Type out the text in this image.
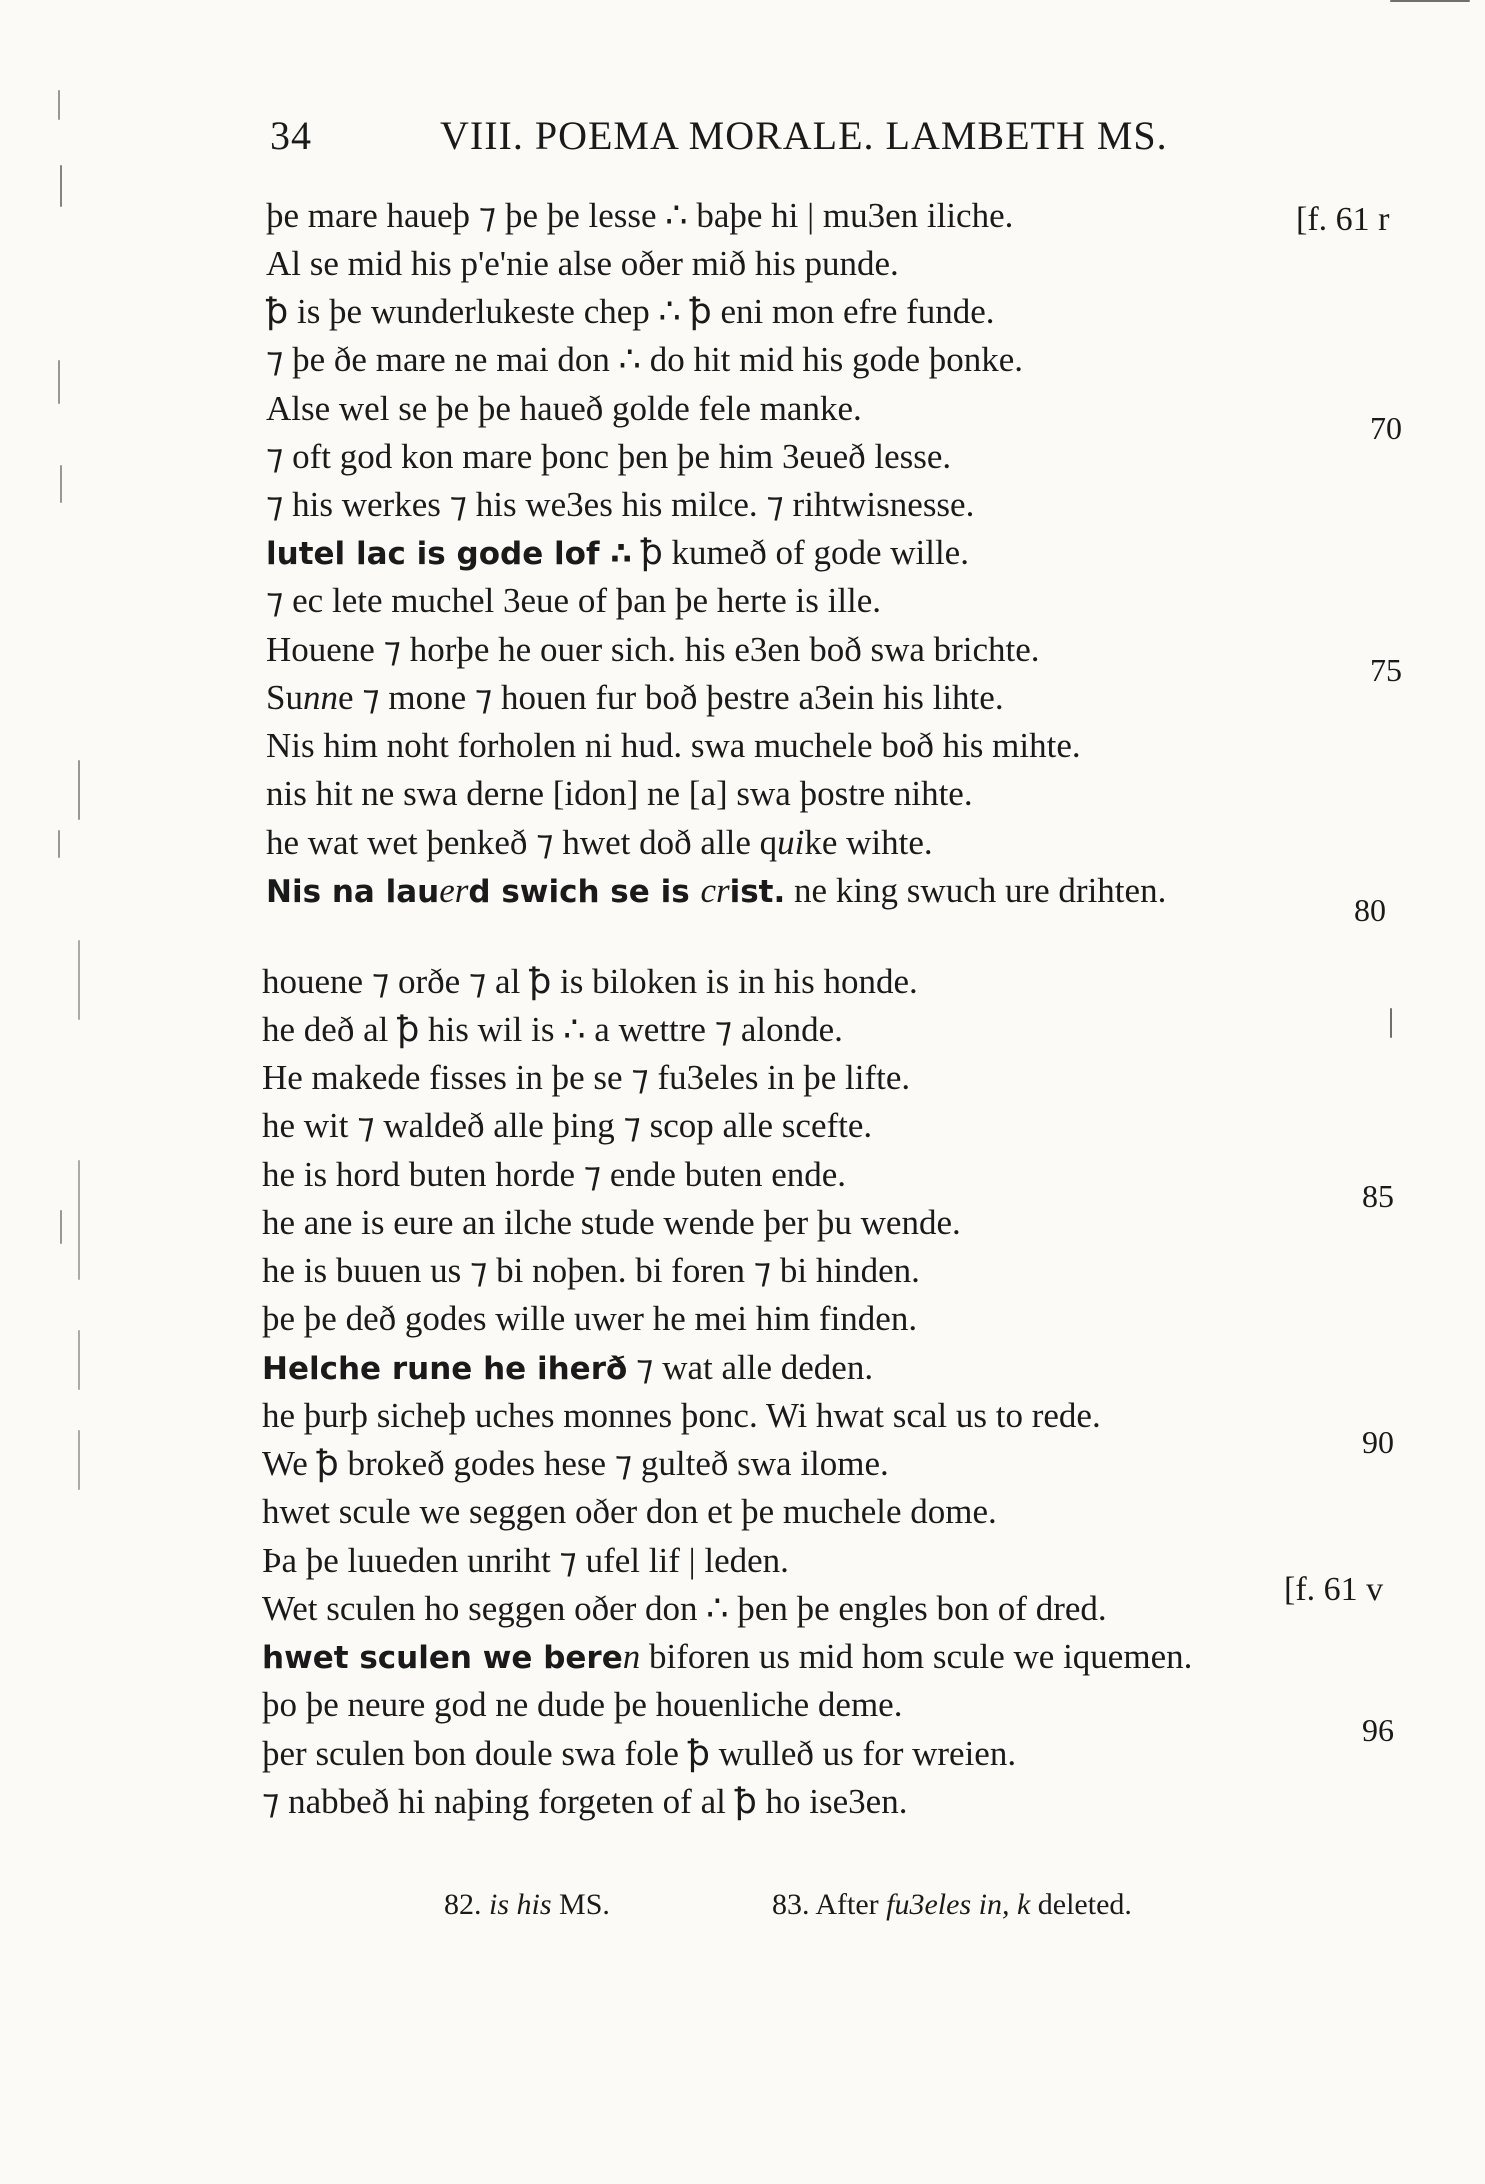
34	VIII. POEMA MORALE. LAMBETH MS.
þe mare haueþ ⁊ þe þe lesse ∴ baþe hi | mu3en iliche.
Al se mid his p'e'nie alse oðer mið his punde.
ꝥ is þe wunderlukeste chep ∴ ꝥ eni mon efre funde.
⁊ þe ðe mare ne mai don ∴ do hit mid his gode þonke.
Alse wel se þe þe haueð golde fele manke.
⁊ oft god kon mare þonc þen þe him 3eueð lesse.
⁊ his werkes ⁊ his we3es his milce. ⁊ rihtwisnesse.
lutel lac is gode lof ∴ ꝥ kumeð of gode wille.
⁊ ec lete muchel 3eue of þan þe herte is ille.
Houene ⁊ horþe he ouer sich. his e3en boð swa brichte.
Sunne ⁊ mone ⁊ houen fur boð þestre a3ein his lihte.
Nis him noht forholen ni hud. swa muchele boð his mihte.
nis hit ne swa derne [idon] ne [a] swa þostre nihte.
he wat wet þenkeð ⁊ hwet doð alle quike wihte.
Nis na lauerd swich se is crist. ne king swuch ure drihten.
houene ⁊ orðe ⁊ al ꝥ is biloken is in his honde.
he deð al ꝥ his wil is ∴ a wettre ⁊ alonde.
He makede fisses in þe se ⁊ fu3eles in þe lifte.
he wit ⁊ waldeð alle þing ⁊ scop alle scefte.
he is hord buten horde ⁊ ende buten ende.
he ane is eure an ilche stude wende þer þu wende.
he is buuen us ⁊ bi noþen. bi foren ⁊ bi hinden.
þe þe deð godes wille uwer he mei him finden.
Helche rune he iherð ⁊ wat alle deden.
he þurþ sicheþ uches monnes þonc. Wi hwat scal us to rede.
We ꝥ brokeð godes hese ⁊ gulteð swa ilome.
hwet scule we seggen oðer don et þe muchele dome.
Þa þe luueden unriht ⁊ ufel lif | leden.
Wet sculen ho seggen oðer don ∴ þen þe engles bon of dred.
hwet sculen we beren biforen us mid hom scule we iquemen.
þo þe neure god ne dude þe houenliche deme.
þer sculen bon doule swa fole ꝥ wulleð us for wreien.
⁊ nabbeð hi naþing forgeten of al ꝥ ho ise3en.
[f. 61 r
[f. 61 v
70
75
80
85
90
96
82. is his MS.	83. After fu3eles in, k deleted.
